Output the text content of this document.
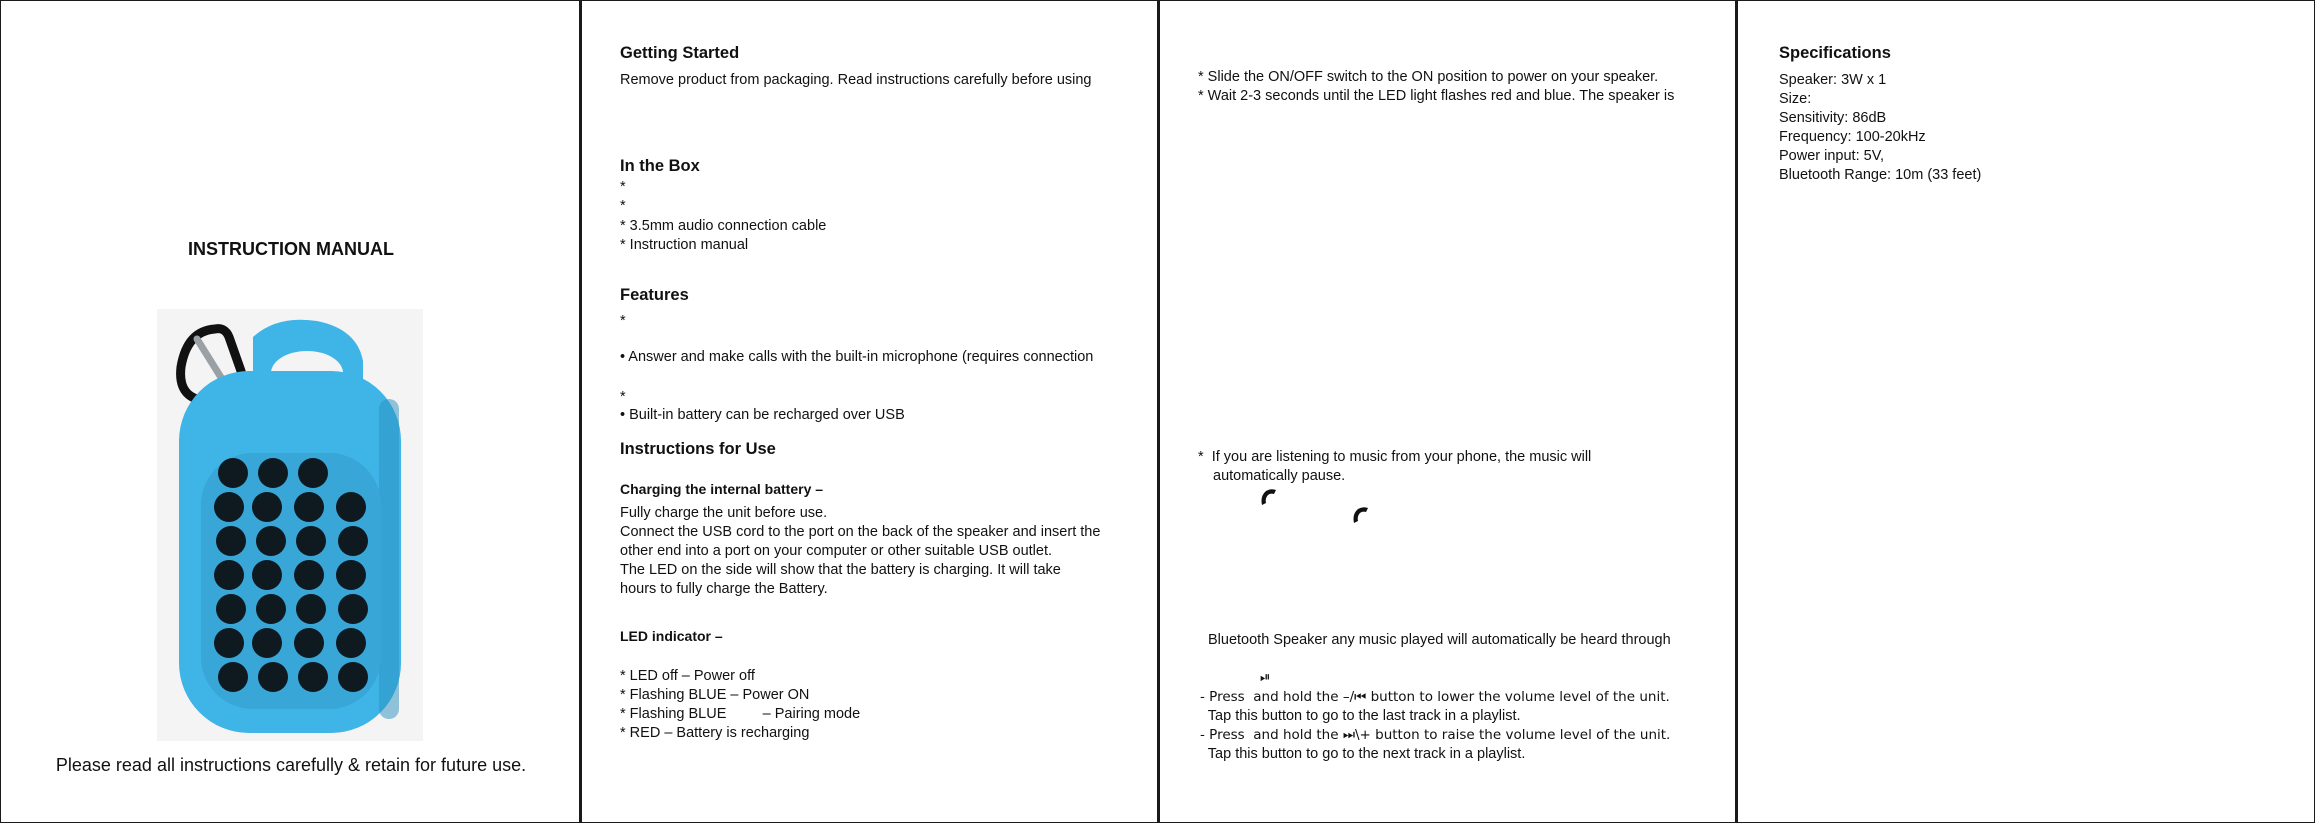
INSTRUCTION MANUAL
Please read all instructions carefully & retain for future use.
Getting Started
Remove product from packaging. Read instructions carefully before using
In the Box
*
*
* 3.5mm audio connection cable
* Instruction manual
Features
*
• Answer and make calls with the built-in microphone (requires connection
*
• Built-in battery can be recharged over USB
Instructions for Use
Charging the internal battery –
Fully charge the unit before use.
Connect the USB cord to the port on the back of the speaker and insert the
other end into a port on your computer or other suitable USB outlet.
The LED on the side will show that the battery is charging. It will take
hours to fully charge the Battery.
LED indicator –
* LED off – Power off
* Flashing BLUE – Power ON
* Flashing BLUE         – Pairing mode
* RED – Battery is recharging
* Slide the ON/OFF switch to the ON position to power on your speaker.
* Wait 2-3 seconds until the LED light flashes red and blue. The speaker is
*  If you are listening to music from your phone, the music will
automatically pause.
Bluetooth Speaker any music played will automatically be heard through
⏯
- Press  and hold the –/⏮ button to lower the volume level of the unit.
Tap this button to go to the last track in a playlist.
- Press  and hold the ⏭\+ button to raise the volume level of the unit.
Tap this button to go to the next track in a playlist.
Specifications
Speaker: 3W x 1
Size:
Sensitivity: 86dB
Frequency: 100-20kHz
Power input: 5V,
Bluetooth Range: 10m (33 feet)
